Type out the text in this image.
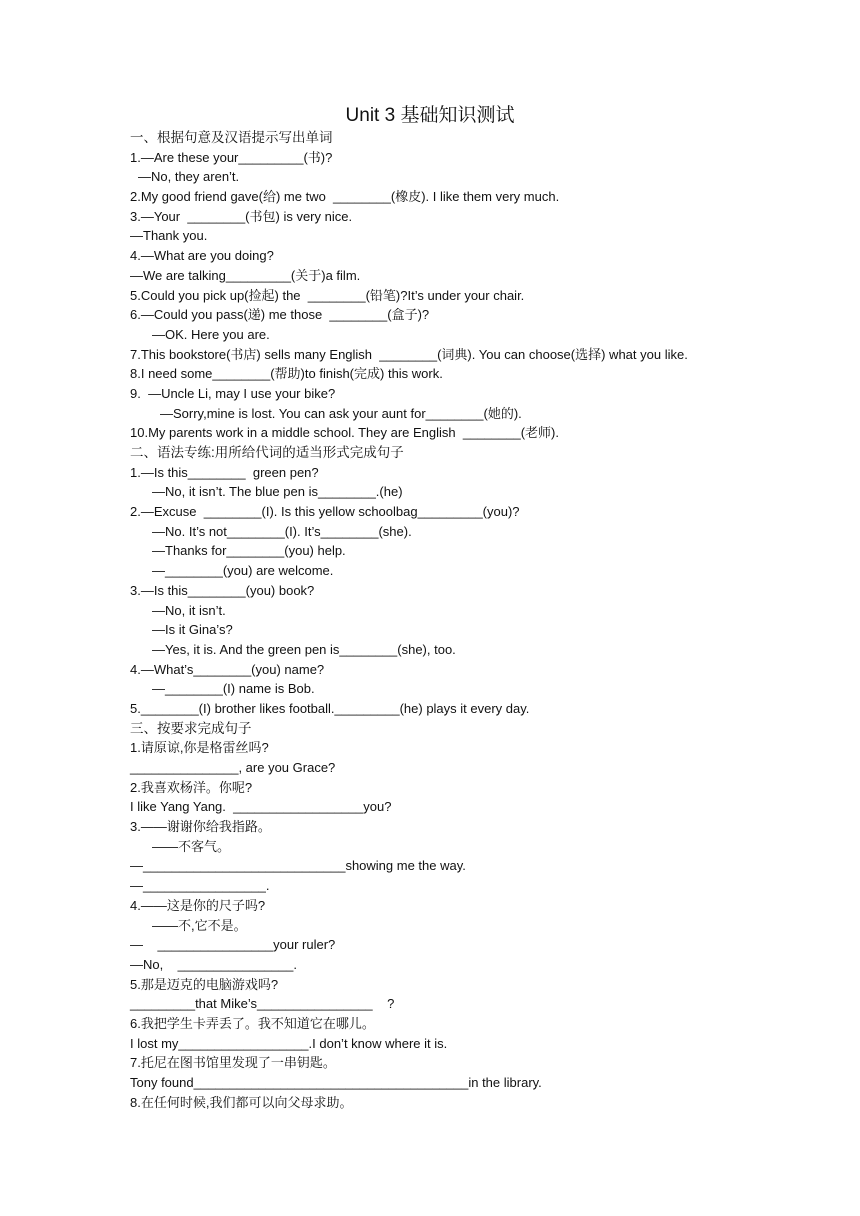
Unit 3 基础知识测试
一、根据句意及汉语提示写出单词
1.—Are these your_________(书)?
—No, they aren’t.
2.My good friend gave(给) me two  ________(橡皮). I like them very much.
3.—Your  ________(书包) is very nice.
—Thank you.
4.—What are you doing?
—We are talking_________(关于)a film.
5.Could you pick up(捡起) the  ________(铅笔)?It’s under your chair.
6.—Could you pass(递) me those  ________(盒子)?
—OK. Here you are.
7.This bookstore(书店) sells many English  ________(词典). You can choose(选择) what you like.
8.I need some________(帮助)to finish(完成) this work.
9.  —Uncle Li, may I use your bike?
—Sorry,mine is lost. You can ask your aunt for________(她的).
10.My parents work in a middle school. They are English  ________(老师).
二、语法专练:用所给代词的适当形式完成句子
1.—Is this________  green pen?
—No, it isn’t. The blue pen is________.(he)
2.—Excuse  ________(I). Is this yellow schoolbag_________(you)?
—No. It’s not________(I). It’s________(she).
—Thanks for________(you) help.
—________(you) are welcome.
3.—Is this________(you) book?
—No, it isn’t.
—Is it Gina’s?
—Yes, it is. And the green pen is________(she), too.
4.—What’s________(you) name?
—________(I) name is Bob.
5.________(I) brother likes football._________(he) plays it every day.
三、按要求完成句子
1.请原谅,你是格雷丝吗?
_______________, are you Grace?
2.我喜欢杨洋。你呢?
I like Yang Yang.  __________________you?
3.——谢谢你给我指路。
——不客气。
—____________________________showing me the way.
—_________________.
4.——这是你的尺子吗?
——不,它不是。
—    ________________your ruler?
—No,    ________________.
5.那是迈克的电脑游戏吗?
_________that Mike’s________________    ?
6.我把学生卡弄丢了。我不知道它在哪儿。
I lost my__________________.I don’t know where it is.
7.托尼在图书馆里发现了一串钥匙。
Tony found______________________________________in the library.
8.在任何时候,我们都可以向父母求助。
